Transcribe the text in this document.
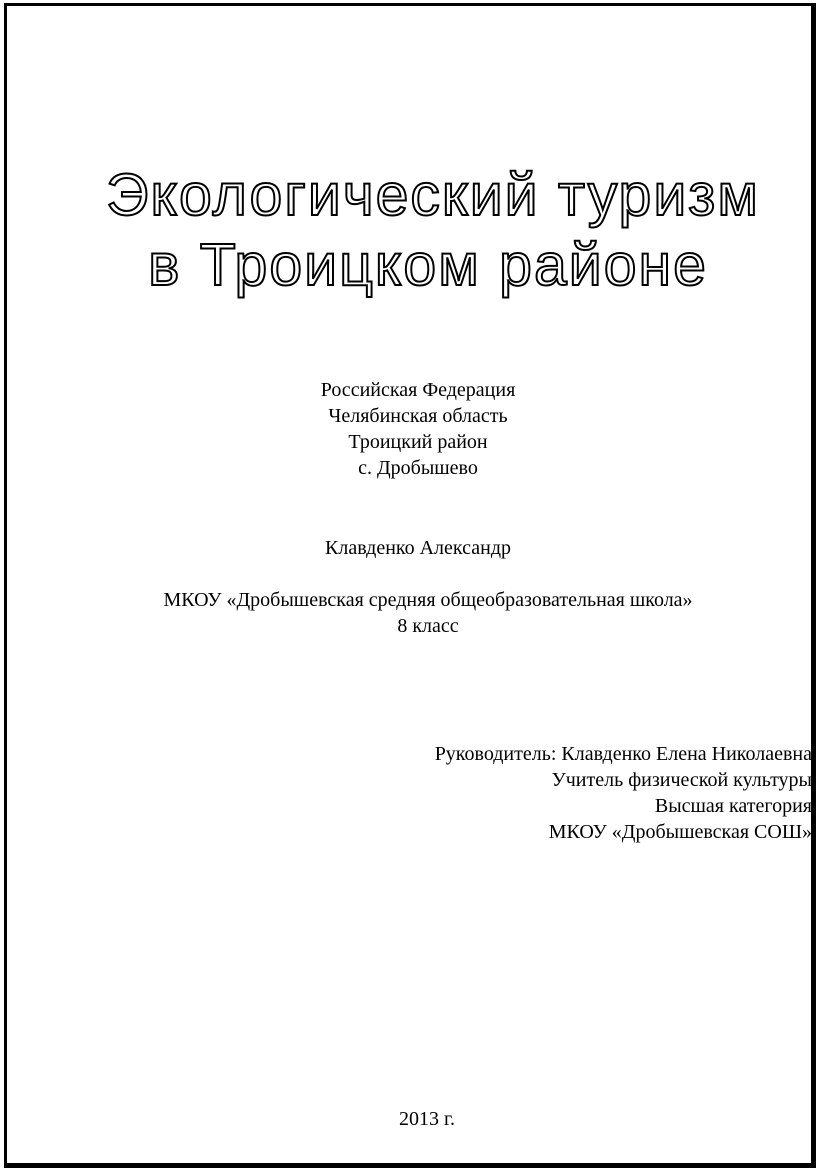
Экологический туризм
в Троицком районе
Российская Федерация
Челябинская область
Троицкий район
с. Дробышево
Клавденко Александр
МКОУ «Дробышевская средняя общеобразовательная школа»
8 класс
Руководитель: Клавденко Елена Николаевна
Учитель физической культуры
Высшая категория
МКОУ «Дробышевская СОШ»
2013 г.
